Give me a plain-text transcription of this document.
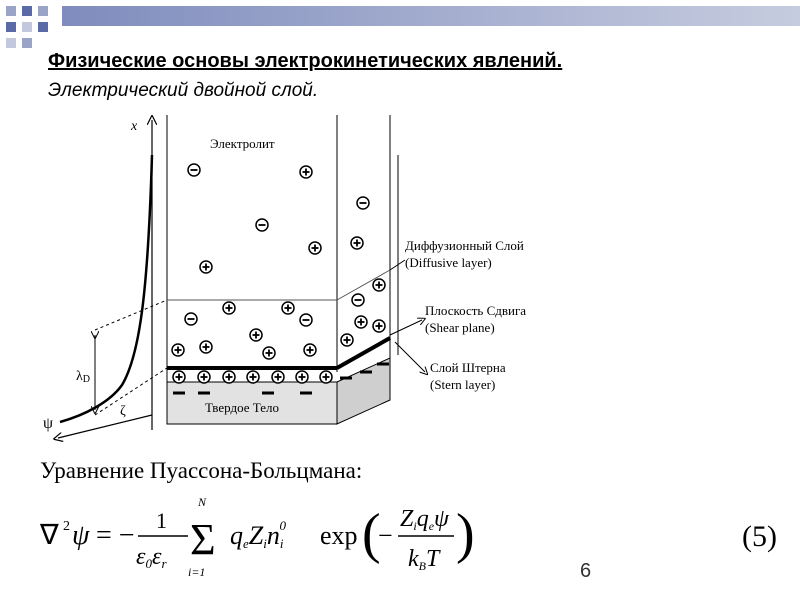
Физические основы электрокинетических явлений.
Электрический двойной слой.
x
ψ
λD
ζ
Электролит
Твердое Тело
Диффузионный Слой
(Diffusive layer)
Плоскость Сдвига
(Shear plane)
Слой Штерна
(Stern layer)
Уравнение Пуассона-Больцмана:
∇ 2 ψ = − 1
ε0εr
N
Σ
i=1
qeZini0 exp (
−
Ziqeψ
kBT )	(5)
6
